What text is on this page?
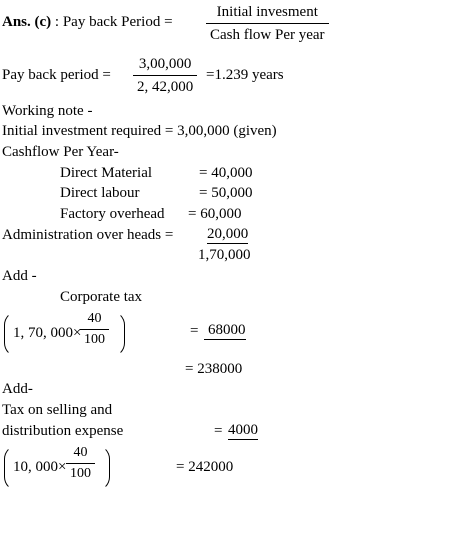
Ans. (c) : Pay back Period =
Initial invesment
Cash flow Per year
Pay back period = $\frac{3,00,000}{2, 42,000} =1.239$ years
Working note -
Initial investment required = 3,00,000 (given)
Cashflow Per Year-
Direct Material	= 40,000
Direct labour	= 50,000
Factory overhead = 60,000
Administration over heads = 20,000
1,70,000
Add -
Corporate tax
1, 70, 000×
$\frac{40}{100}$	= 68000
= 238000
Add-
Tax on selling and
distribution expense	= 4000
10, $000\times \frac{40}{100}$	= 242000
